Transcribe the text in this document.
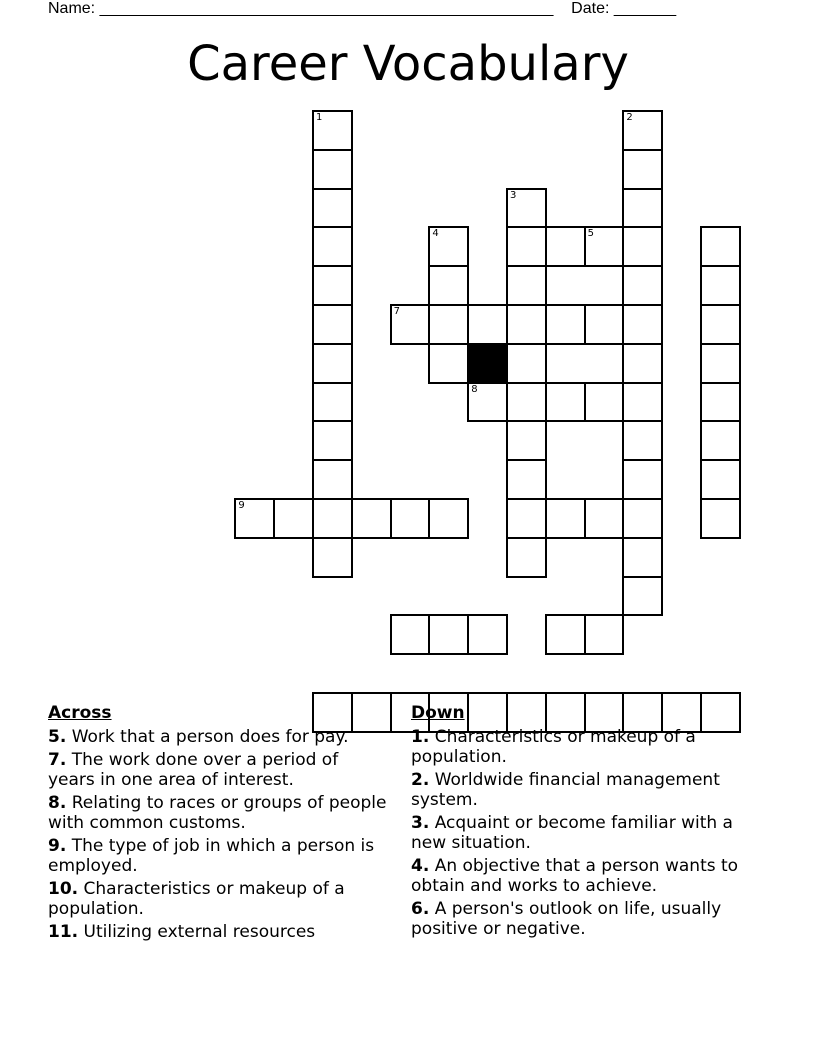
Name: ___________________________________________________    Date: _______
Career Vocabulary
1	2
3
4	5
7
8
9
Across
5. Work that a person does for pay.
7. The work done over a period of years in one area of interest.
8. Relating to races or groups of people with common customs.
9. The type of job in which a person is employed.
10. Characteristics or makeup of a population.
11. Utilizing external resources
Down
1. Characteristics or makeup of a population.
2. Worldwide financial management system.
3. Acquaint or become familiar with a new situation.
4. An objective that a person wants to obtain and works to achieve.
6. A person's outlook on life, usually positive or negative.
